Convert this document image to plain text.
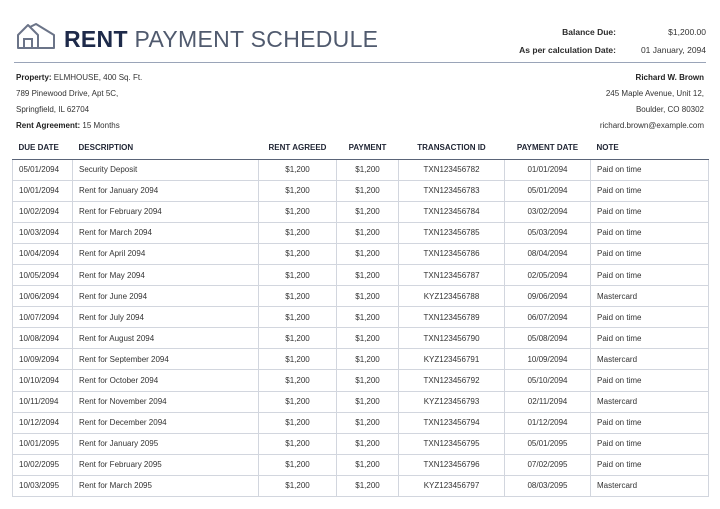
RENT PAYMENT SCHEDULE	Balance Due:	$1,200.00
As per calculation Date:	01 January, 2094
Property: ELMHOUSE, 400 Sq. Ft.
789 Pinewood Drive, Apt 5C,
Springfield, IL 62704
Rent Agreement: 15 Months
Richard W. Brown
245 Maple Avenue, Unit 12,
Boulder, CO 80302
richard.brown@example.com
DUE DATE	DESCRIPTION	RENT AGREED	PAYMENT	TRANSACTION ID	PAYMENT DATE	NOTE
05/01/2094	Security Deposit	$1,200	$1,200	TXN123456782	01/01/2094	Paid on time
10/01/2094	Rent for January 2094	$1,200	$1,200	TXN123456783	05/01/2094	Paid on time
10/02/2094	Rent for February 2094	$1,200	$1,200	TXN123456784	03/02/2094	Paid on time
10/03/2094	Rent for March 2094	$1,200	$1,200	TXN123456785	05/03/2094	Paid on time
10/04/2094	Rent for April 2094	$1,200	$1,200	TXN123456786	08/04/2094	Paid on time
10/05/2094	Rent for May 2094	$1,200	$1,200	TXN123456787	02/05/2094	Paid on time
10/06/2094	Rent for June 2094	$1,200	$1,200	KYZ123456788	09/06/2094	Mastercard
10/07/2094	Rent for July 2094	$1,200	$1,200	TXN123456789	06/07/2094	Paid on time
10/08/2094	Rent for August 2094	$1,200	$1,200	TXN123456790	05/08/2094	Paid on time
10/09/2094	Rent for September 2094	$1,200	$1,200	KYZ123456791	10/09/2094	Mastercard
10/10/2094	Rent for October 2094	$1,200	$1,200	TXN123456792	05/10/2094	Paid on time
10/11/2094	Rent for November 2094	$1,200	$1,200	KYZ123456793	02/11/2094	Mastercard
10/12/2094	Rent for December 2094	$1,200	$1,200	TXN123456794	01/12/2094	Paid on time
10/01/2095	Rent for January 2095	$1,200	$1,200	TXN123456795	05/01/2095	Paid on time
10/02/2095	Rent for February 2095	$1,200	$1,200	TXN123456796	07/02/2095	Paid on time
10/03/2095	Rent for March 2095	$1,200	$1,200	KYZ123456797	08/03/2095	Mastercard
